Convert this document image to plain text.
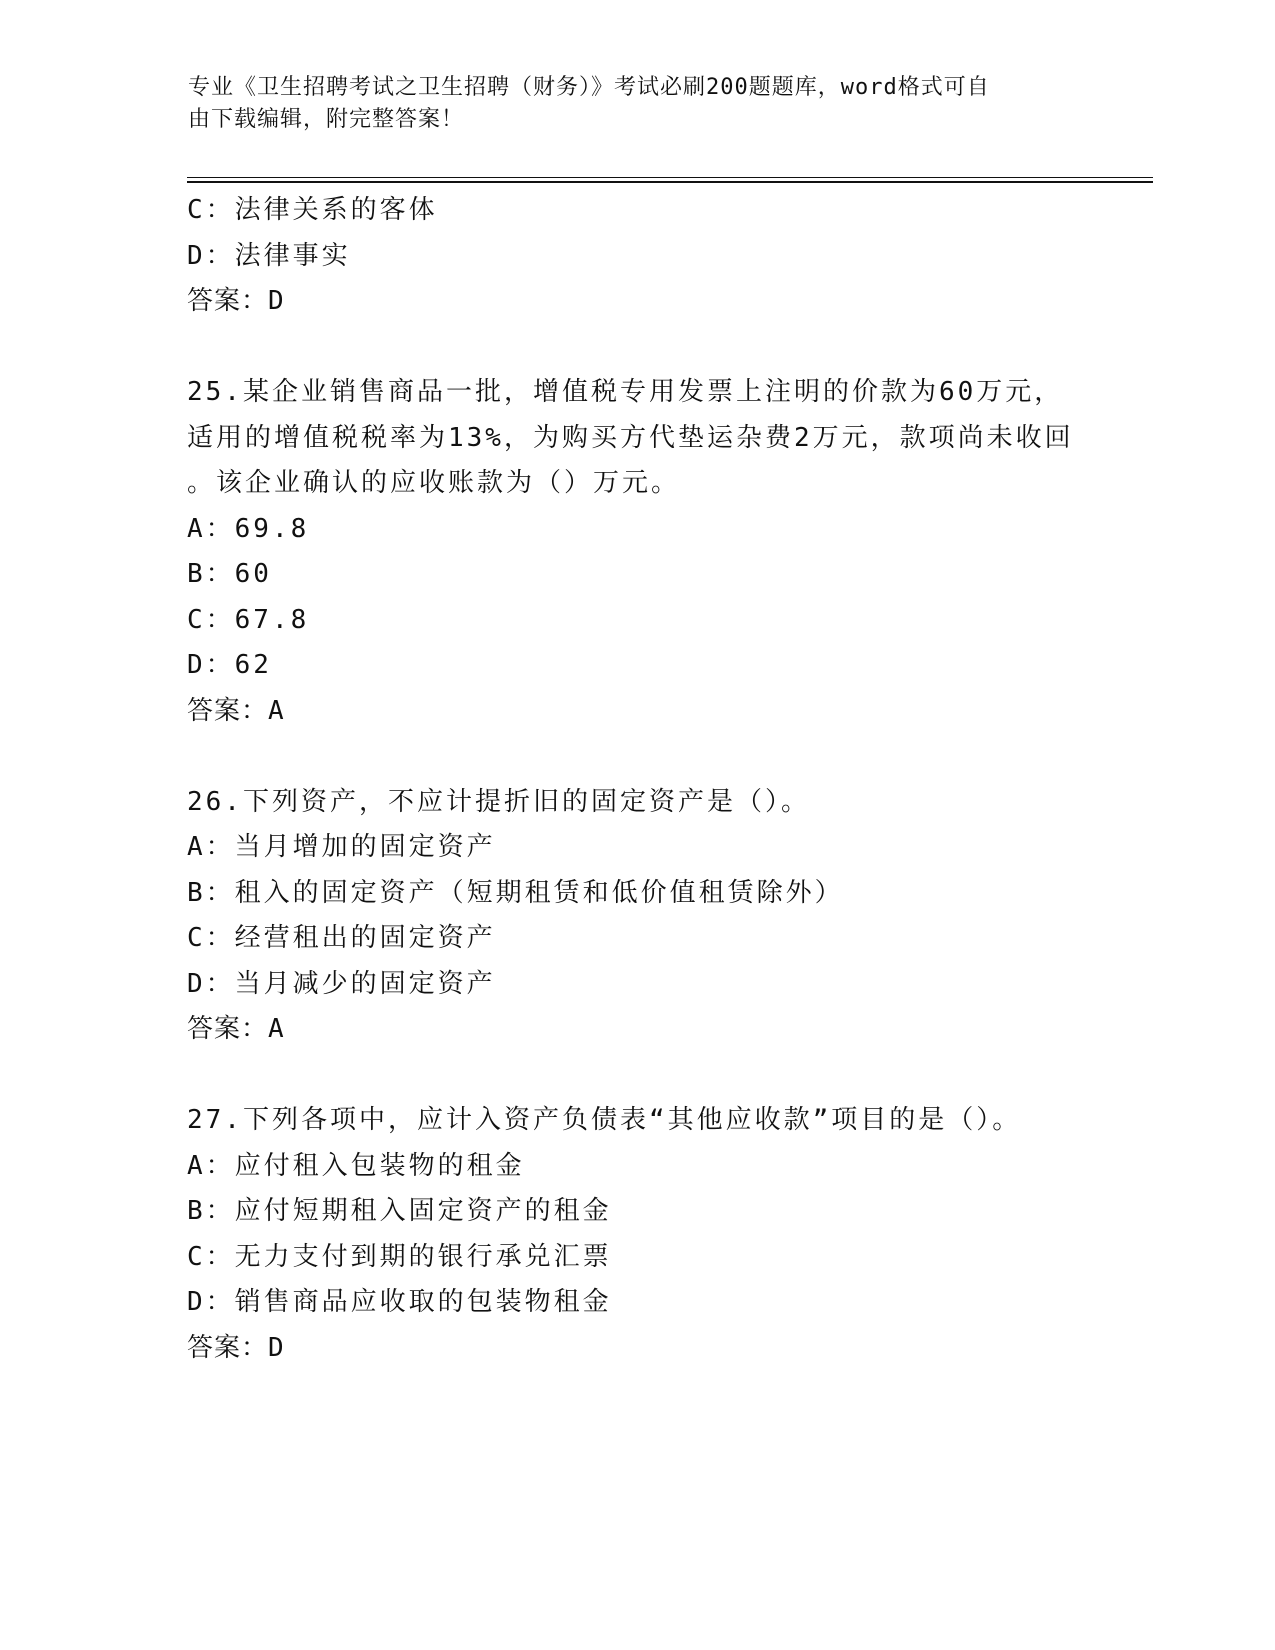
专业《卫生招聘考试之卫生招聘（财务）》考试必刷200题题库，word格式可自
由下载编辑，附完整答案！
C：法律关系的客体
D：法律事实
答案：D
25.某企业销售商品一批，增值税专用发票上注明的价款为60万元，
适用的增值税税率为13%，为购买方代垫运杂费2万元，款项尚未收回
。该企业确认的应收账款为（）万元。
A：69.8
B：60
C：67.8
D：62
答案：A
26.下列资产，不应计提折旧的固定资产是（）。
A：当月增加的固定资产
B：租入的固定资产（短期租赁和低价值租赁除外）
C：经营租出的固定资产
D：当月减少的固定资产
答案：A
27.下列各项中，应计入资产负债表“其他应收款”项目的是（）。
A：应付租入包装物的租金
B：应付短期租入固定资产的租金
C：无力支付到期的银行承兑汇票
D：销售商品应收取的包装物租金
答案：D
